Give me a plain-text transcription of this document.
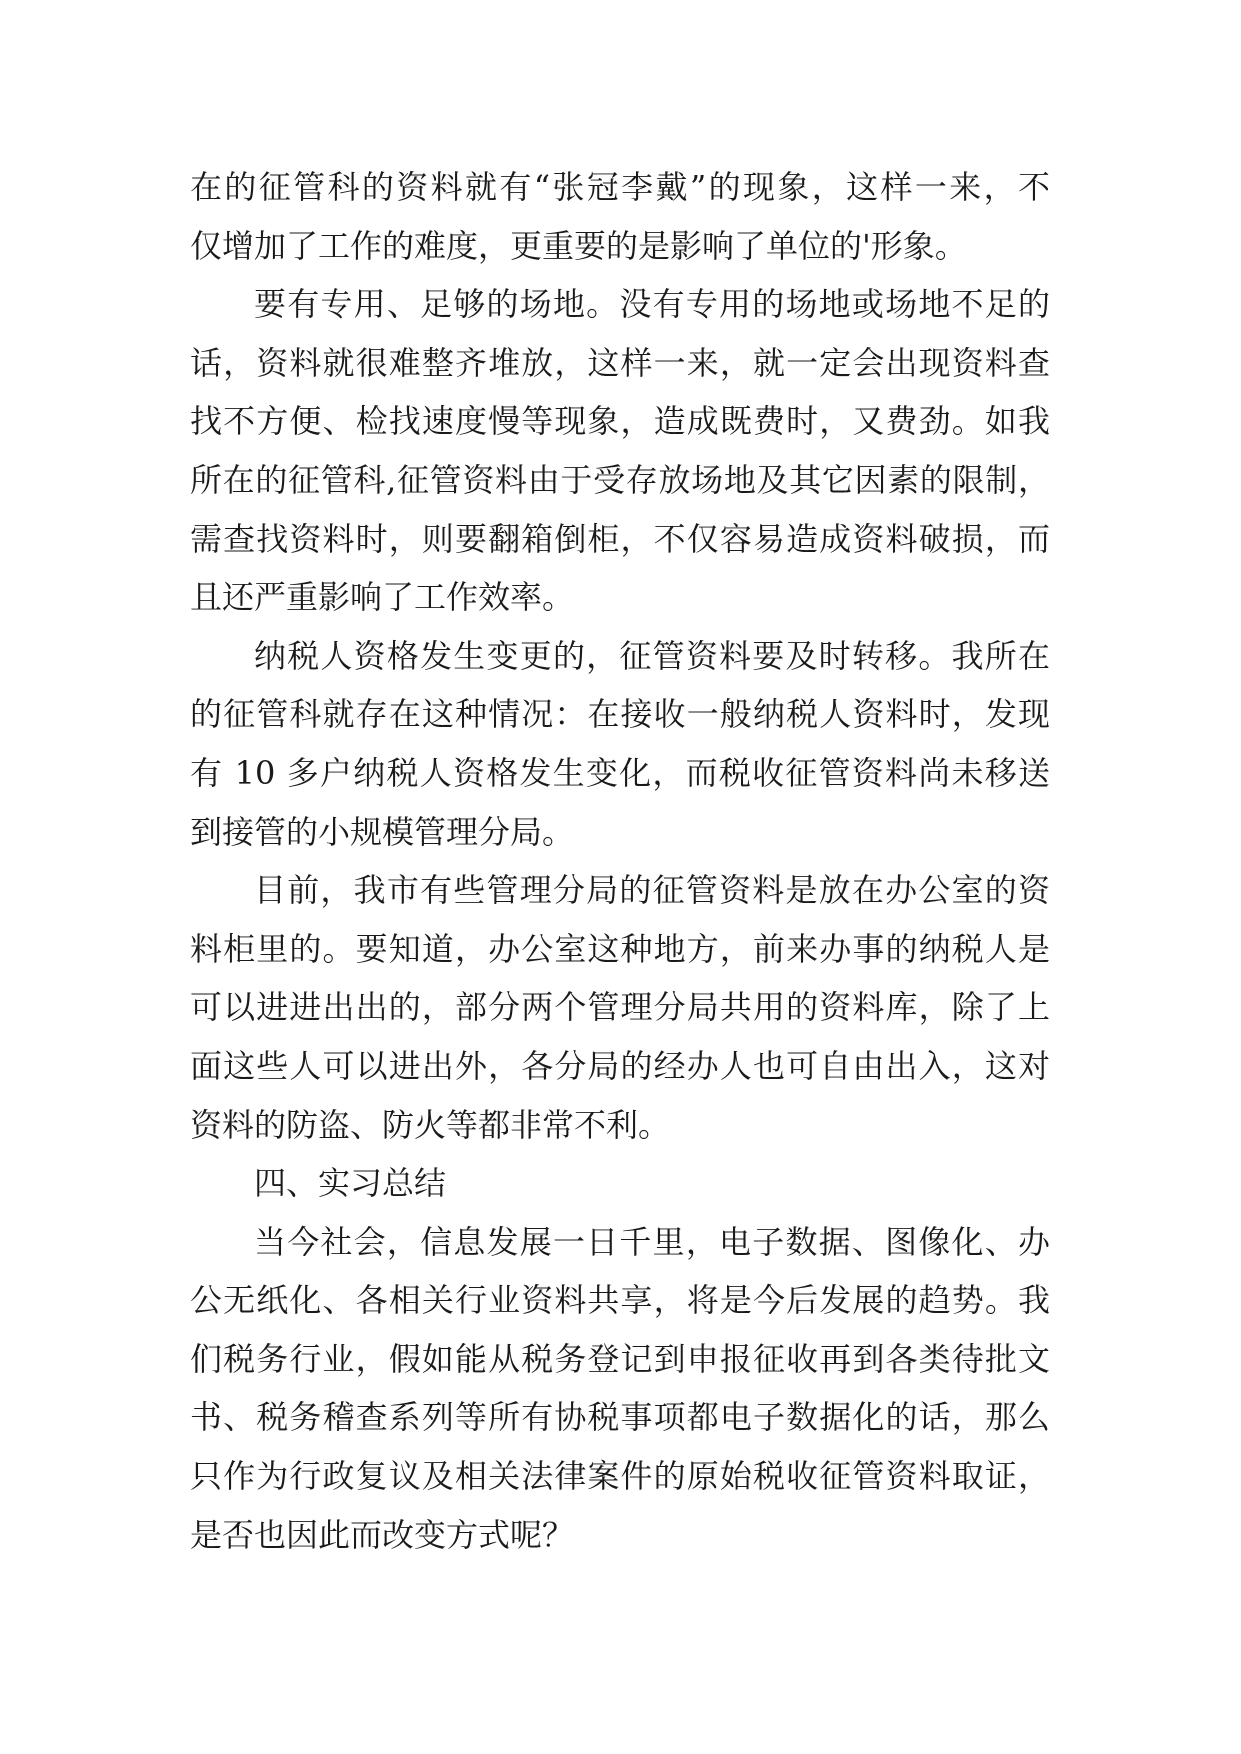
在的征管科的资料就有“张冠李戴”的现象，这样一来，不
仅增加了工作的难度，更重要的是影响了单位的'形象。
要有专用、足够的场地。没有专用的场地或场地不足的
话，资料就很难整齐堆放，这样一来，就一定会出现资料查
找不方便、检找速度慢等现象，造成既费时，又费劲。如我
所在的征管科,征管资料由于受存放场地及其它因素的限制，
需查找资料时，则要翻箱倒柜，不仅容易造成资料破损，而
且还严重影响了工作效率。
纳税人资格发生变更的，征管资料要及时转移。我所在
的征管科就存在这种情况：在接收一般纳税人资料时，发现
有 10 多户纳税人资格发生变化，而税收征管资料尚未移送
到接管的小规模管理分局。
目前，我市有些管理分局的征管资料是放在办公室的资
料柜里的。要知道，办公室这种地方，前来办事的纳税人是
可以进进出出的，部分两个管理分局共用的资料库，除了上
面这些人可以进出外，各分局的经办人也可自由出入，这对
资料的防盗、防火等都非常不利。
四、实习总结
当今社会，信息发展一日千里，电子数据、图像化、办
公无纸化、各相关行业资料共享，将是今后发展的趋势。我
们税务行业，假如能从税务登记到申报征收再到各类待批文
书、税务稽查系列等所有协税事项都电子数据化的话，那么
只作为行政复议及相关法律案件的原始税收征管资料取证，
是否也因此而改变方式呢？
